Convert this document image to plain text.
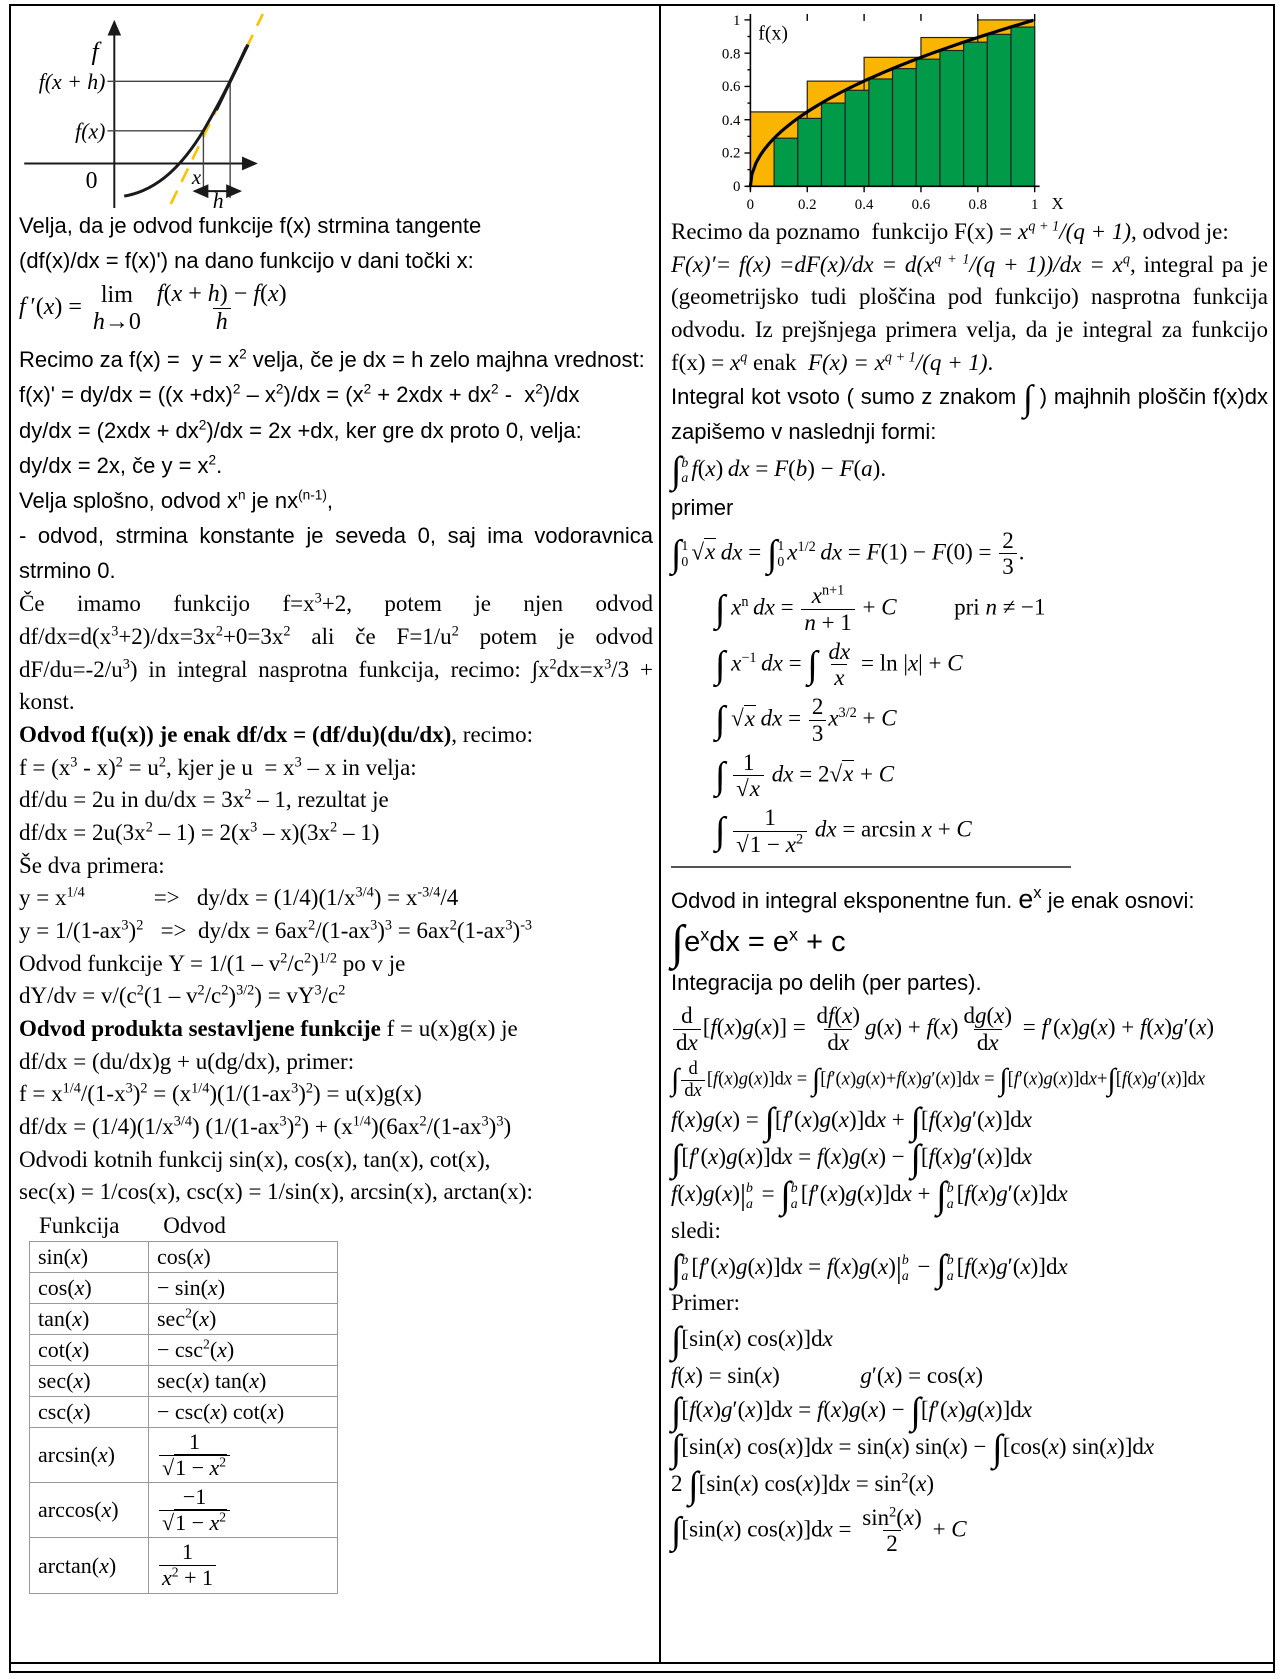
f
f(x + h)
f(x)
0	x
h
Velja, da je odvod funkcije f(x) strmina tangente
(df(x)/dx = f(x)') na dano funkcijo v dani točki x:
f ′(x) = lim
h→0
$\frac{f(x + h) - f(x)}{h}$
Recimo za $f(x) = y = x^2$ velja, če je dx = h zelo majhna vrednost:
$f(x)' = dy/dx = ((x +dx)^2 - x^2)/dx = (x^2 + 2xdx + dx^2 - x^2)/dx$
$dy/dx = (2xdx + dx^2)/dx = 2x +dx$, ker gre dx proto 0, velja:
dy/dx = 2x, če $y = x^2$.
Velja splošno, odvod $x^n$ je $nx^{(n-1)}$,
- odvod, strmina konstante je seveda 0, saj ima vodoravnica strmino 0.
Če imamo funkcijo $f=x^3+2$, potem je njen odvod $df/dx=d(x^3+2)/dx=3x^2+0=3x^2$ ali če $F=1/u^2$ potem je odvod $dF/du=-2/u^3$) in integral nasprotna funkcija, recimo: $\int x^2dx=x^3/3$ + konst.
Odvod f(u(x)) je enak df/dx = (df/du)(du/dx), recimo:
$f = (x^3 - x)^2 = u^2$, kjer je $u = x^3 - x$ in velja:
df/du = 2u in $du/dx = 3x^2 - 1$, rezultat je
$df/dx = 2u(3x^2 - 1) = 2(x^3 - x)(3x^2 - 1)$
Še dva primera:
$y = x^{1/4}$            =>   $dy/dx = (1/4)(1/x^{3/4}) = x^{-3/4}/4$
$y = 1/(1-ax^3)^2 => dy/dx = 6ax^2/(1-ax^3)^3 = 6ax^2(1-ax^3)^{-3}$
Odvod funkcije $\Upsilon = 1/(1 - v^2/c^2)^{1/2}$ po v je
$d\Upsilon/dv = v/(c^2(1 - v^2/c^2)^{3/2}) = v\Upsilon^3/c^2$
Odvod produkta sestavljene funkcije f = u(x)g(x) je
df/dx = (du/dx)g + u(dg/dx), primer:
$f = x^{1/4}/(1-x^3)^2 = (x^{1/4})(1/(1-ax^3)^2) = u(x)g(x)$
$df/dx = (1/4)(1/x^{3/4}) (1/(1-ax^3)^2) + (x^{1/4})(6ax^2/(1-ax^3)^3)$
Odvodi kotnih funkcij sin(x), cos(x), tan(x), cot(x),
sec(x) = 1/cos(x), csc(x) = 1/sin(x), arcsin(x), arctan(x):
Funkcija Odvod
sin(x)	cos(x)
cos(x)	− sin(x)
tan(x)	$\sec^2(x)$
cot(x)	− $\csc^2(x)$
sec(x)	sec(x) tan(x)
csc(x)	− csc(x) cot(x)
arcsin(x)	$\frac{1}{√1 - x^2}$

arccos(x)	$\frac{-1}{√1 - x^2}$

arctan(x)	$\frac{1}{x^2 + 1}$
1
0.8
0.6
0.4
0.2
0
0	0.2	0.4	0.6	0.8	1 X
f(x)
Recimo da poznamo  funkcijo $F(x) = x^{q + 1}/(q + 1)$, odvod je:
$F(x)'= f(x) =dF(x)/dx = d(x^{q + 1}/(q + 1))/dx = x^q$, integral pa je (geometrijsko tudi ploščina pod funkcijo) nasprotna funkcija odvodu. Iz prejšnjega primera velja, da je integral za funkcijo $f(x) = x^q$ enak  $F(x) = x^{q + 1}/(q + 1)$.
Integral kot vsoto ( sumo z znakom ∫ ) majhnih ploščin f(x)dx zapišemo v naslednji formi:
∫ b
a f(x) dx = F(b) − F(a).
primer
∫ 1
0 √x  dx = ∫ 1
0 $x^{1/2}$  dx = $F(1) - F(0) = \frac{2}{3}$ .
∫ $x^n$  dx = $\frac{x^{n+1}}{n + 1} + C$          pri n ≠ −1
∫ $x^{-1}$  dx = ∫ $\frac{dx}{x} = \ln |x| + C$
∫ √x  dx = $\frac{2}{3} x^{3/2} + C$
∫ $\frac{1}{√x}$ dx = 2√x + C
∫ $\frac{1}{√1 - x^2}$ dx = arcsin x + C
Odvod in integral eksponentne fun. $e^x$ je enak osnovi:
$\int e^xdx = e^x + c$
Integracija po delih (per partes).
$\frac{d}{dx} [f(x)g(x)] = \frac{df(x)}{dx} g(x) + f(x) \frac{dg(x)}{dx} = f'(x)g(x) + f(x)g'(x)$
∫ $\frac{d}{dx} [f(x)g(x)]dx = \int[f'(x)g(x)+f(x)g'(x)]dx = \int[f'(x)g(x)]dx+\int[f(x)g'(x)]dx$
f(x)g(x) = ∫[f′(x)g(x)]dx + ∫[f(x)g′(x)]dx
∫[f′(x)g(x)]dx = f(x)g(x) − ∫[f(x)g′(x)]dx
f(x)g(x)| b
a = ∫ b
a [f′(x)g(x)]dx + ∫ b
a [f(x)g′(x)]dx
sledi:
∫ b
a [f′(x)g(x)]dx = f(x)g(x)| b
a − ∫ b
a [f(x)g′(x)]dx
Primer:
∫[sin(x) cos(x)]dx
f(x) = sin(x)              g′(x) = cos(x)
∫[f(x)g′(x)]dx = f(x)g(x) − ∫[f′(x)g(x)]dx
∫[sin(x) cos(x)]dx = sin(x) sin(x) − ∫[cos(x) sin(x)]dx
2 ∫[sin(x) $\cos(x)]dx = \sin^2(x)$
∫[sin(x) $\cos(x)]dx = \frac{\sin^2(x)}{2} + C$
